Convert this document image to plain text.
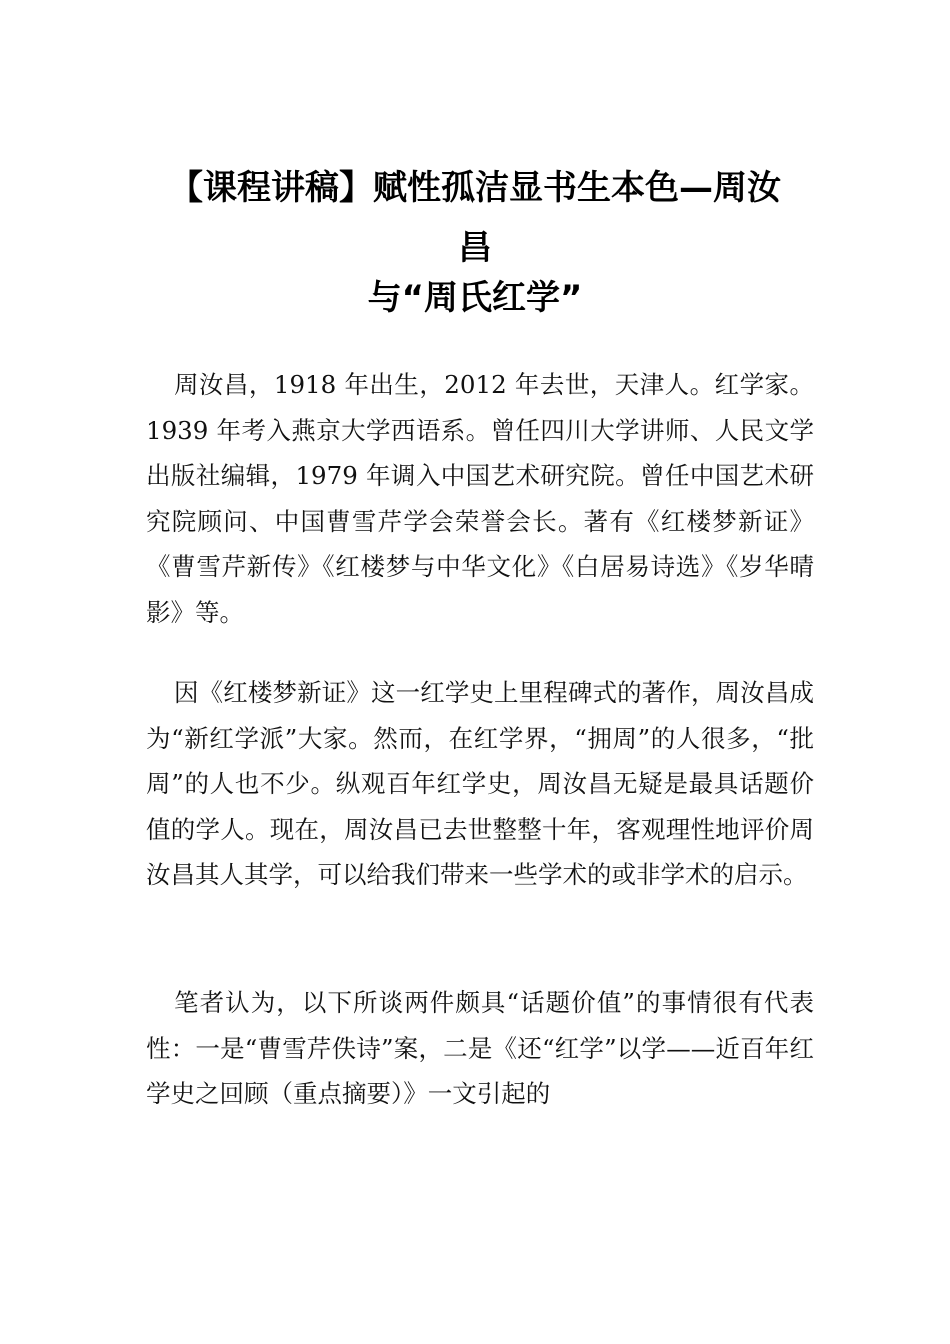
【课程讲稿】赋性孤洁显书生本色—周汝
昌
与“周氏红学”

周汝昌，1918 年出生，2012 年去世，天津人。红学家。1939 年考入燕京大学西语系。曾任四川大学讲师、人民文学出版社编辑，1979 年调入中国艺术研究院。曾任中国艺术研究院顾问、中国曹雪芹学会荣誉会长。著有《红楼梦新证》《曹雪芹新传》《红楼梦与中华文化》《白居易诗选》《岁华晴影》等。

因《红楼梦新证》这一红学史上里程碑式的著作，周汝昌成为“新红学派”大家。然而，在红学界，“拥周”的人很多，“批周”的人也不少。纵观百年红学史，周汝昌无疑是最具话题价值的学人。现在，周汝昌已去世整整十年，客观理性地评价周汝昌其人其学，可以给我们带来一些学术的或非学术的启示。

笔者认为，以下所谈两件颇具“话题价值”的事情很有代表性：一是“曹雪芹佚诗”案，二是《还“红学”以学——近百年红学史之回顾（重点摘要）》一文引起的
